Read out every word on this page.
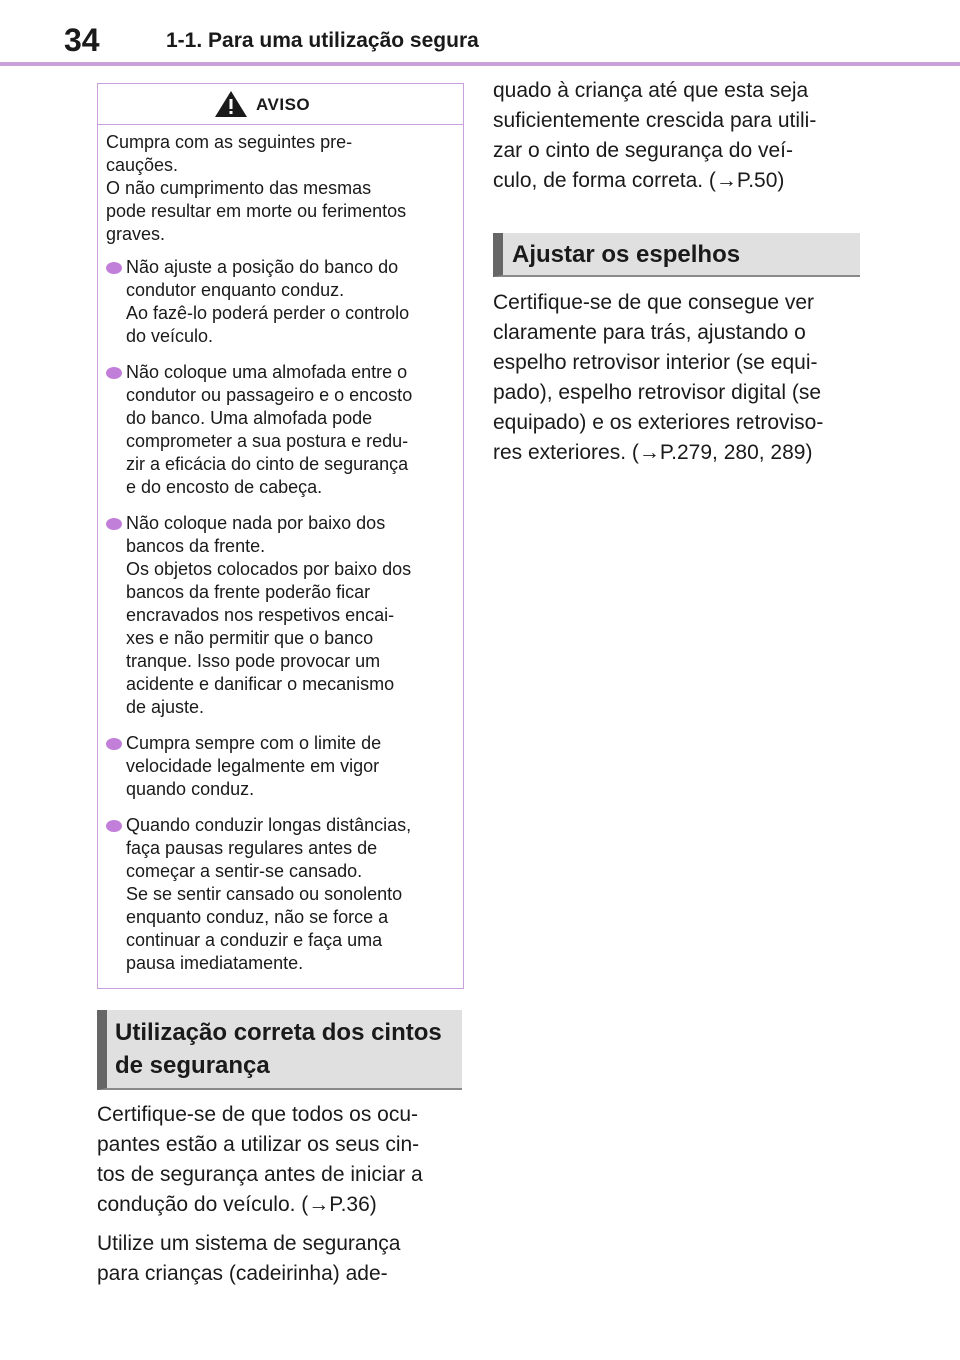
34	1-1. Para uma utilização segura
AVISO

Cumpra com as seguintes pre-
cauções.
O não cumprimento das mesmas
pode resultar em morte ou ferimentos
graves.

Não ajuste a posição do banco do
condutor enquanto conduz.
Ao fazê-lo poderá perder o controlo
do veículo.
Não coloque uma almofada entre o
condutor ou passageiro e o encosto
do banco. Uma almofada pode
comprometer a sua postura e redu-
zir a eficácia do cinto de segurança
e do encosto de cabeça.
Não coloque nada por baixo dos
bancos da frente.
Os objetos colocados por baixo dos
bancos da frente poderão ficar
encravados nos respetivos encai-
xes e não permitir que o banco
tranque. Isso pode provocar um
acidente e danificar o mecanismo
de ajuste.
Cumpra sempre com o limite de
velocidade legalmente em vigor
quando conduz.
Quando conduzir longas distâncias,
faça pausas regulares antes de
começar a sentir-se cansado.
Se se sentir cansado ou sonolento
enquanto conduz, não se force a
continuar a conduzir e faça uma
pausa imediatamente.
Utilização correta dos cintos
de segurança
Certifique-se de que todos os ocu-
pantes estão a utilizar os seus cin-
tos de segurança antes de iniciar a
condução do veículo. (→P.36)
Utilize um sistema de segurança
para crianças (cadeirinha) ade-
quado à criança até que esta seja
suficientemente crescida para utili-
zar o cinto de segurança do veí-
culo, de forma correta. (→P.50)
Ajustar os espelhos
Certifique-se de que consegue ver
claramente para trás, ajustando o
espelho retrovisor interior (se equi-
pado), espelho retrovisor digital (se
equipado) e os exteriores retroviso-
res exteriores. (→P.279, 280, 289)
